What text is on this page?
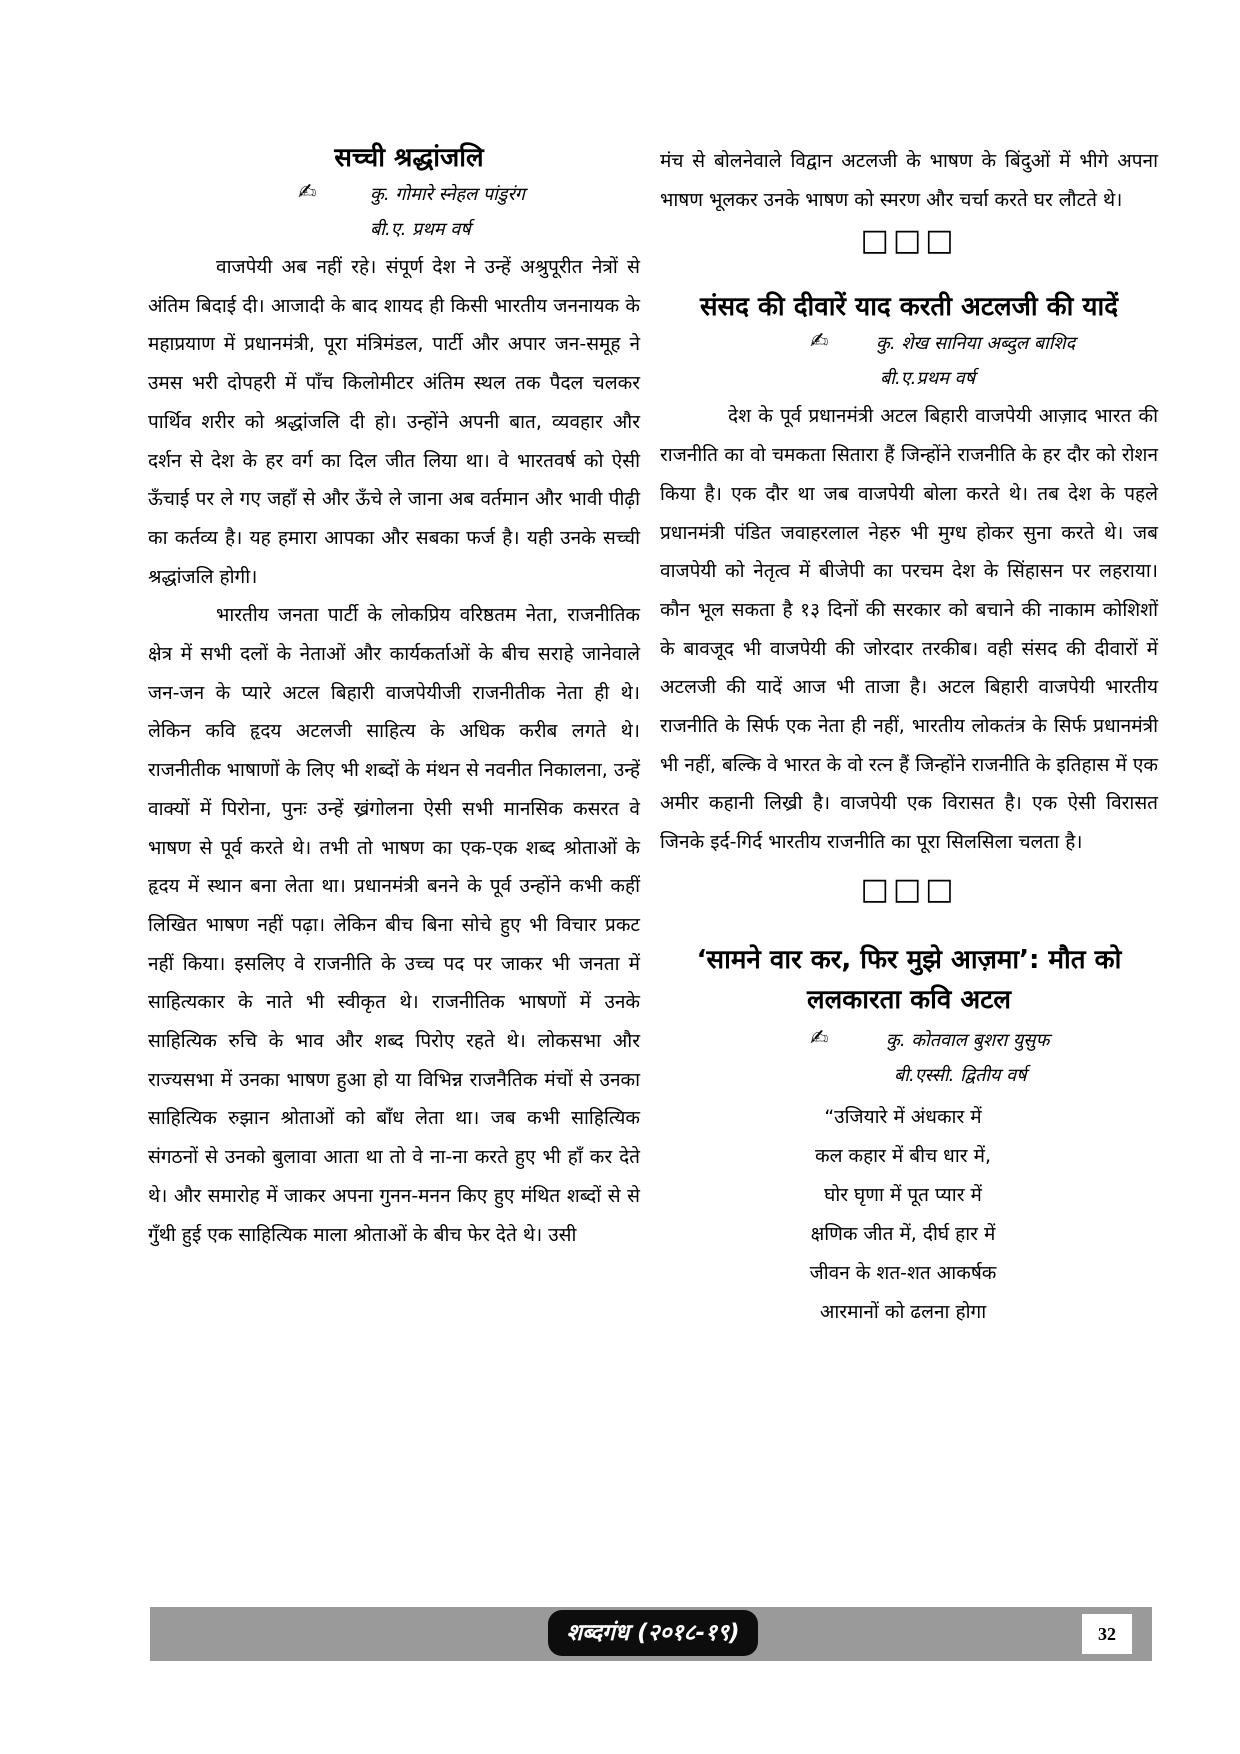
सच्ची श्रद्धांजलि
✍	कु. गोमारे स्नेहल पांडुरंग
बी.ए. प्रथम वर्ष

वाजपेयी अब नहीं रहे। संपूर्ण देश ने उन्हें अश्रुपूरीत नेत्रों से अंतिम बिदाई दी। आजादी के बाद शायद ही किसी भारतीय जननायक के महाप्रयाण में प्रधानमंत्री, पूरा मंत्रिमंडल, पार्टी और अपार जन-समूह ने उमस भरी दोपहरी में पाँच किलोमीटर अंतिम स्थल तक पैदल चलकर पार्थिव शरीर को श्रद्धांजलि दी हो। उन्होंने अपनी बात, व्यवहार और दर्शन से देश के हर वर्ग का दिल जीत लिया था। वे भारतवर्ष को ऐसी ऊँचाई पर ले गए जहाँ से और ऊँचे ले जाना अब वर्तमान और भावी पीढ़ी का कर्तव्य है। यह हमारा आपका और सबका फर्ज है। यही उनके सच्ची श्रद्धांजलि होगी।

भारतीय जनता पार्टी के लोकप्रिय वरिष्ठतम नेता, राजनीतिक क्षेत्र में सभी दलों के नेताओं और कार्यकर्ताओं के बीच सराहे जानेवाले जन-जन के प्यारे अटल बिहारी वाजपेयीजी राजनीतीक नेता ही थे। लेकिन कवि हृदय अटलजी साहित्य के अधिक करीब लगते थे। राजनीतीक भाषाणों के लिए भी शब्दों के मंथन से नवनीत निकालना, उन्हें वाक्यों में पिरोना, पुनः उन्हें ख्रंगोलना ऐसी सभी मानसिक कसरत वे भाषण से पूर्व करते थे। तभी तो भाषण का एक-एक शब्द श्रोताओं के हृदय में स्थान बना लेता था। प्रधानमंत्री बनने के पूर्व उन्होंने कभी कहीं लिखित भाषण नहीं पढ़ा। लेकिन बीच बिना सोचे हुए भी विचार प्रकट नहीं किया। इसलिए वे राजनीति के उच्च पद पर जाकर भी जनता में साहित्यकार के नाते भी स्वीकृत थे। राजनीतिक भाषणों में उनके साहित्यिक रुचि के भाव और शब्द पिरोए रहते थे। लोकसभा और राज्यसभा में उनका भाषण हुआ हो या विभिन्न राजनैतिक मंचों से उनका साहित्यिक रुझान श्रोताओं को बाँध लेता था। जब कभी साहित्यिक संगठनों से उनको बुलावा आता था तो वे ना-ना करते हुए भी हाँ कर देते थे। और समारोह में जाकर अपना गुनन-मनन किए हुए मंथित शब्दों से से गुँथी हुई एक साहित्यिक माला श्रोताओं के बीच फेर देते थे। उसी

मंच से बोलनेवाले विद्वान अटलजी के भाषण के बिंदुओं में भीगे अपना भाषण भूलकर उनके भाषण को स्मरण और चर्चा करते घर लौटते थे।

□□□
संसद की दीवारें याद करती अटलजी की यादें
✍	कु. शेख सानिया अब्दुल बाशिद
बी.ए.प्रथम वर्ष

देश के पूर्व प्रधानमंत्री अटल बिहारी वाजपेयी आज़ाद भारत की राजनीति का वो चमकता सितारा हैं जिन्होंने राजनीति के हर दौर को रोशन किया है। एक दौर था जब वाजपेयी बोला करते थे। तब देश के पहले प्रधानमंत्री पंडित जवाहरलाल नेहरु भी मुग्ध होकर सुना करते थे। जब वाजपेयी को नेतृत्व में बीजेपी का परचम देश के सिंहासन पर लहराया। कौन भूल सकता है १३ दिनों की सरकार को बचाने की नाकाम कोशिशों के बावजूद भी वाजपेयी की जोरदार तरकीब। वही संसद की दीवारों में अटलजी की यादें आज भी ताजा है। अटल बिहारी वाजपेयी भारतीय राजनीति के सिर्फ एक नेता ही नहीं, भारतीय लोकतंत्र के सिर्फ प्रधानमंत्री भी नहीं, बल्कि वे भारत के वो रत्न हैं जिन्होंने राजनीति के इतिहास में एक अमीर कहानी लिख्री है। वाजपेयी एक विरासत है। एक ऐसी विरासत जिनके इर्द-गिर्द भारतीय राजनीति का पूरा सिलसिला चलता है।

□□□
‘सामने वार कर, फिर मुझे आज़मा’: मौत को
ललकारता कवि अटल
✍	कु. कोतवाल बुशरा युसुफ
बी.एस्सी. द्वितीय वर्ष
“उजियारे में अंधकार में
कल कहार में बीच धार में,
घोर घृणा में पूत प्यार में
क्षणिक जीत में, दीर्घ हार में
जीवन के शत-शत आकर्षक
आरमानों को ढलना होगा
शब्दगंध (२०१८-१९)	32
